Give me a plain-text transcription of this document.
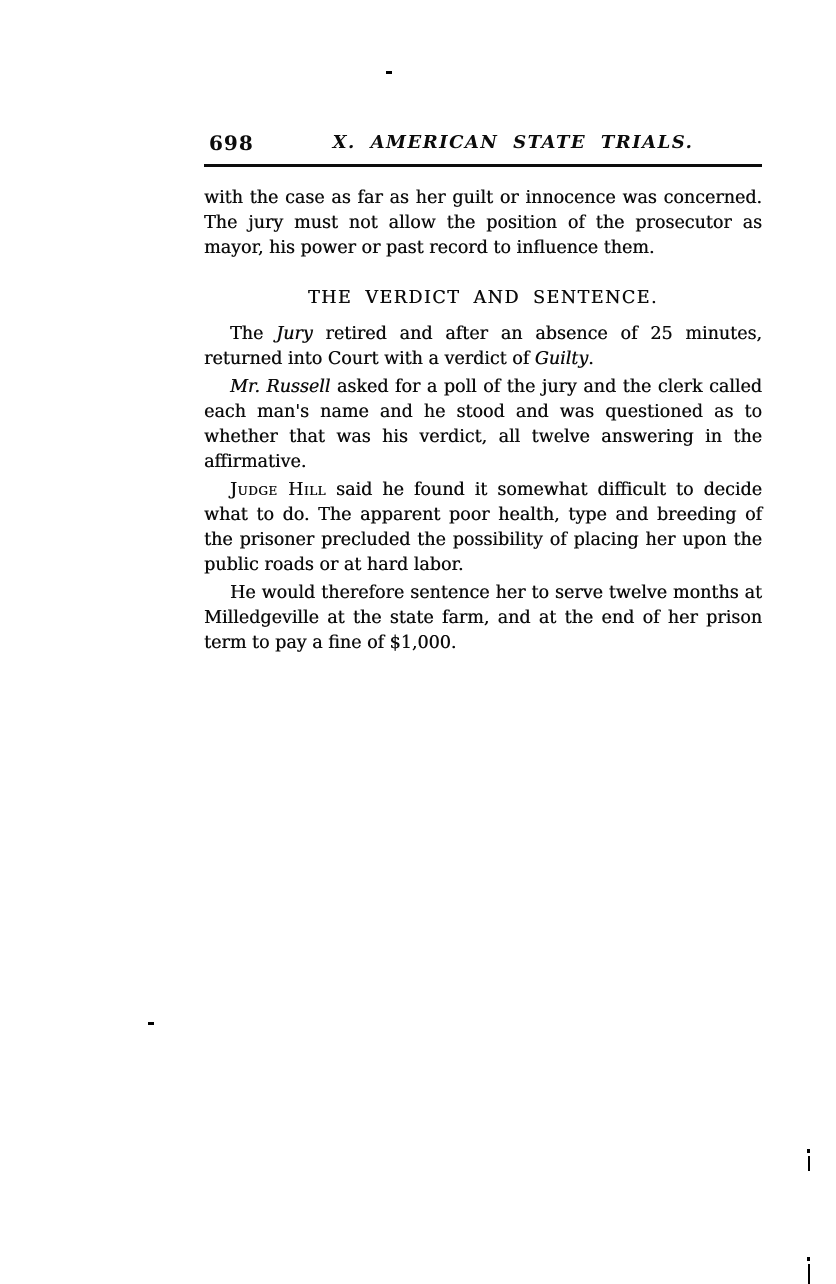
698	X. AMERICAN STATE TRIALS.

with the case as far as her guilt or innocence was concerned. The jury must not allow the position of the prosecutor as mayor, his power or past record to influence them.

THE VERDICT AND SENTENCE.

The Jury retired and after an absence of 25 minutes, returned into Court with a verdict of Guilty.

Mr. Russell asked for a poll of the jury and the clerk called each man's name and he stood and was questioned as to whether that was his verdict, all twelve answering in the affirmative.

Judge Hill said he found it somewhat difficult to decide what to do. The apparent poor health, type and breeding of the prisoner precluded the possibility of placing her upon the public roads or at hard labor.

He would therefore sentence her to serve twelve months at Milledgeville at the state farm, and at the end of her prison term to pay a fine of $1,000.
